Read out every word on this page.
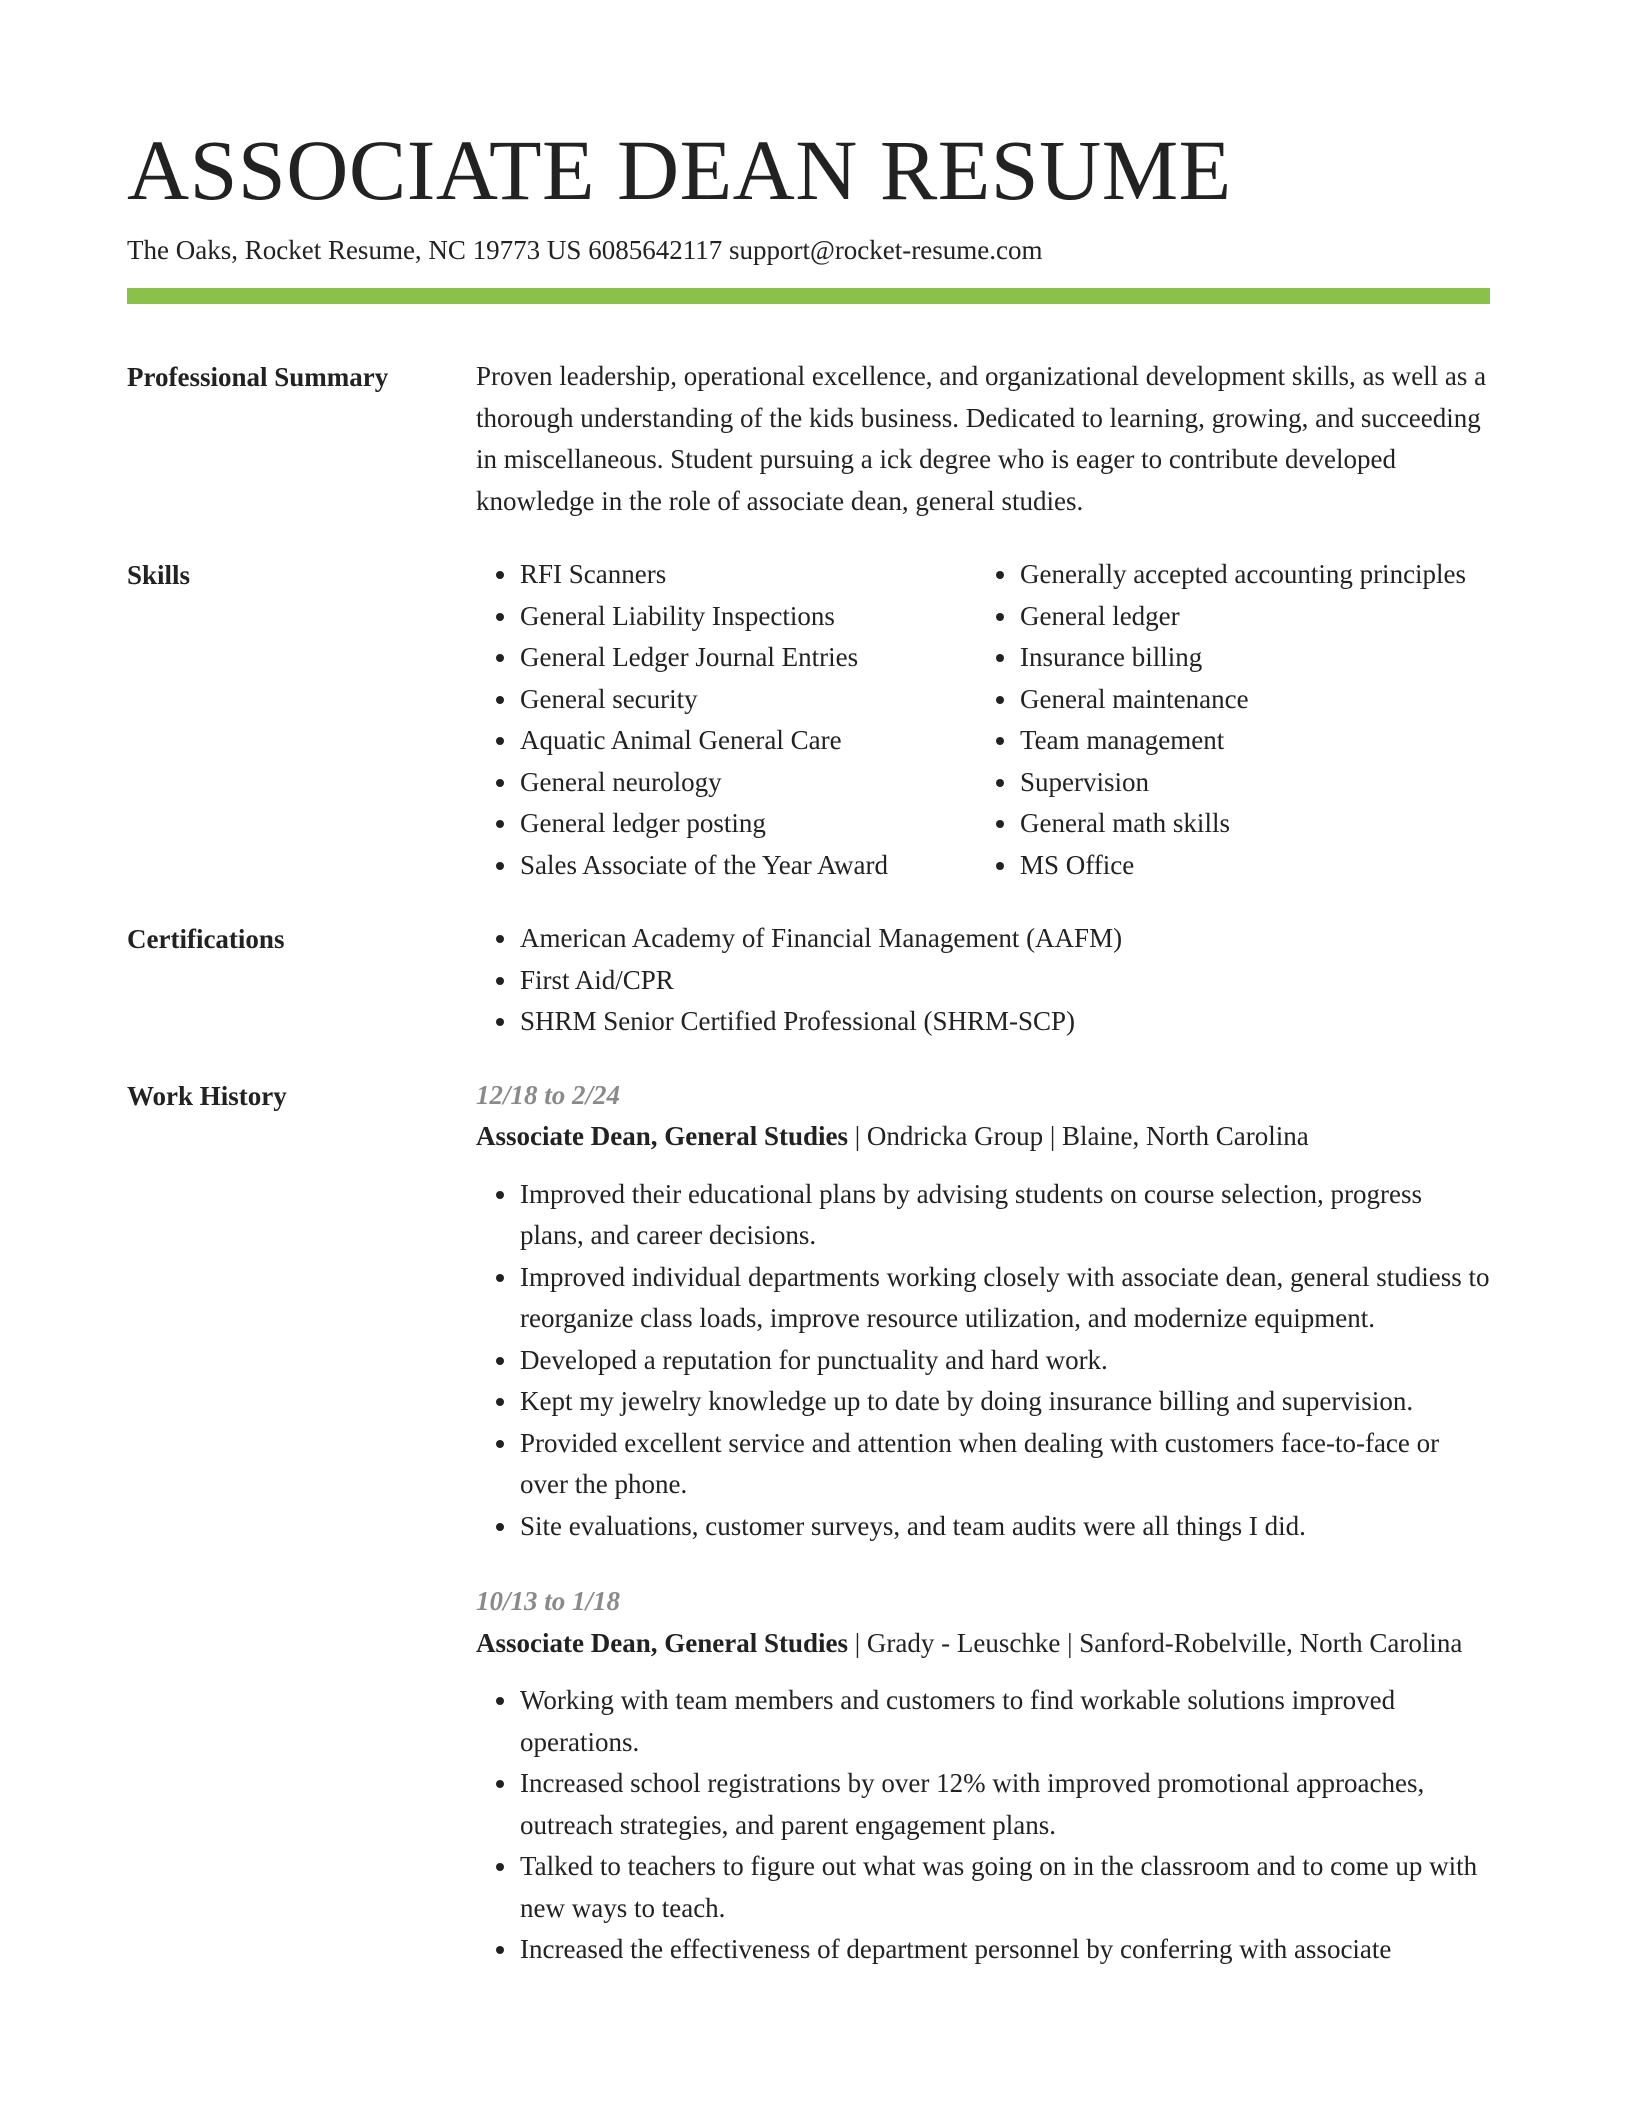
ASSOCIATE DEAN RESUME
The Oaks, Rocket Resume, NC 19773 US 6085642117 support@rocket-resume.com
Professional Summary	Proven leadership, operational excellence, and organizational development skills, as well as a thorough understanding of the kids business. Dedicated to learning, growing, and succeeding in miscellaneous. Student pursuing a ick degree who is eager to contribute developed knowledge in the role of associate dean, general studies.

Skills	RFI Scanners
General Liability Inspections
General Ledger Journal Entries
General security
Aquatic Animal General Care
General neurology
General ledger posting
Sales Associate of the Year Award
Generally accepted accounting principles
General ledger
Insurance billing
General maintenance
Team management
Supervision
General math skills
MS Office
Certifications	American Academy of Financial Management (AAFM)
First Aid/CPR
SHRM Senior Certified Professional (SHRM-SCP)
Work History	12/18 to 2/24
Associate Dean, General Studies | Ondricka Group | Blaine, North Carolina
Improved their educational plans by advising students on course selection, progress plans, and career decisions.
Improved individual departments working closely with associate dean, general studiess to reorganize class loads, improve resource utilization, and modernize equipment.
Developed a reputation for punctuality and hard work.
Kept my jewelry knowledge up to date by doing insurance billing and supervision.
Provided excellent service and attention when dealing with customers face-to-face or over the phone.
Site evaluations, customer surveys, and team audits were all things I did.
10/13 to 1/18
Associate Dean, General Studies | Grady - Leuschke | Sanford-Robelville, North Carolina
Working with team members and customers to find workable solutions improved operations.
Increased school registrations by over 12% with improved promotional approaches, outreach strategies, and parent engagement plans.
Talked to teachers to figure out what was going on in the classroom and to come up with new ways to teach.
Increased the effectiveness of department personnel by conferring with associate
